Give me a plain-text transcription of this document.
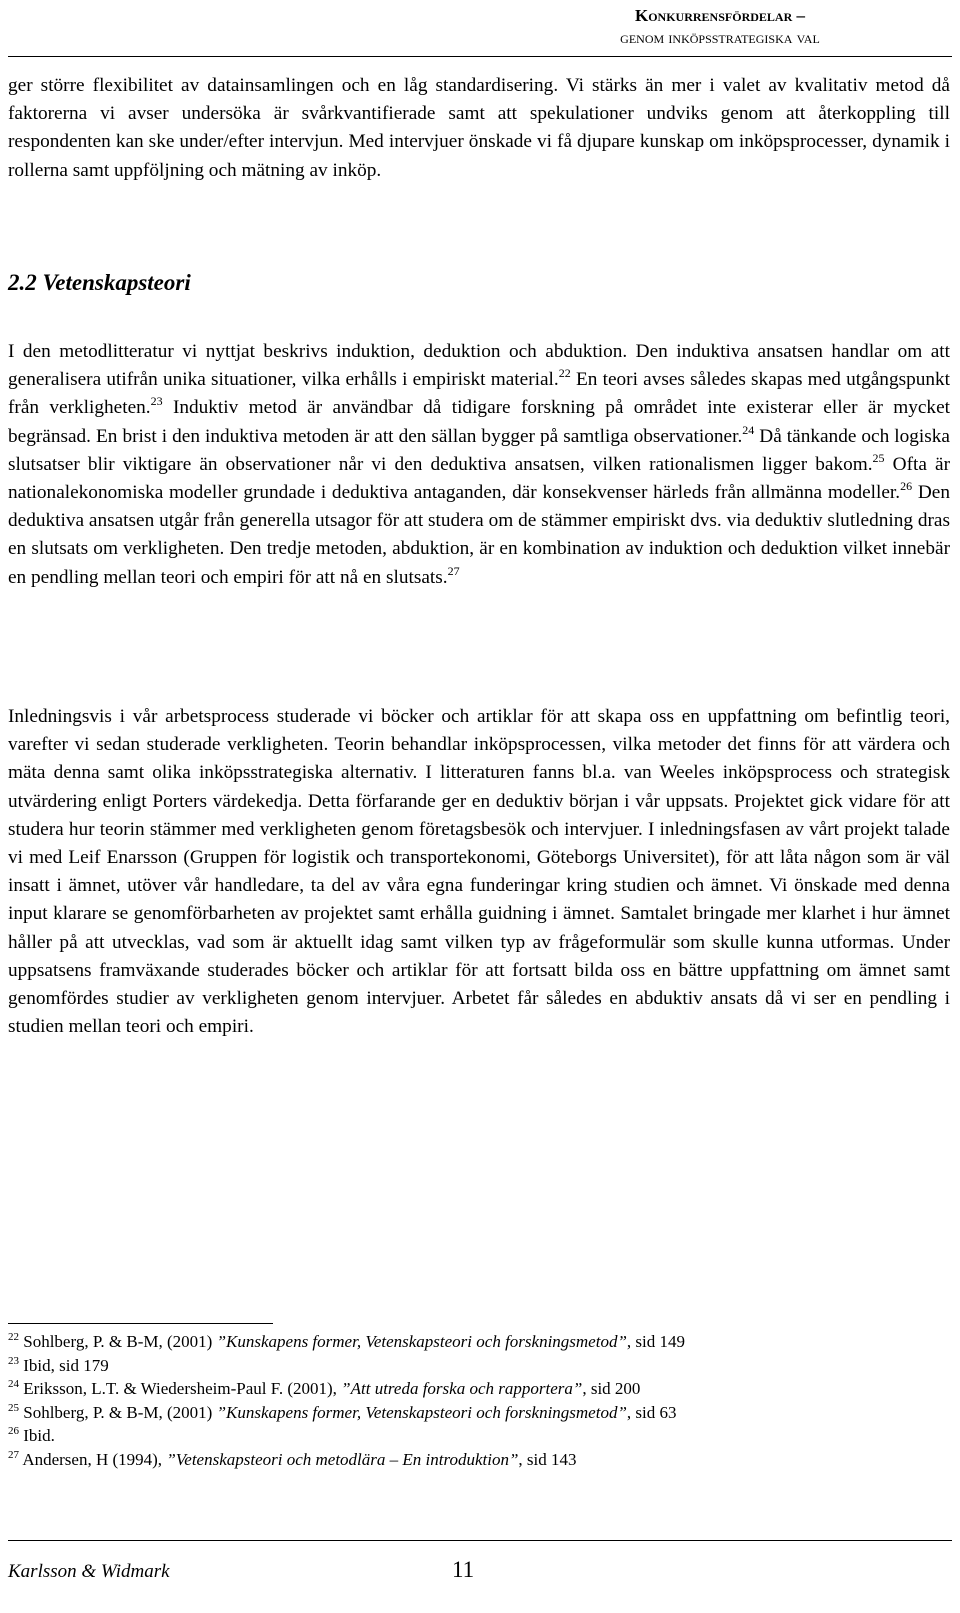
Konkurrensfördelar –
genom inköpsstrategiska val

ger större flexibilitet av datainsamlingen och en låg standardisering. Vi stärks än mer i valet av kvalitativ metod då faktorerna vi avser undersöka är svårkvantifierade samt att spekulationer undviks genom att återkoppling till respondenten kan ske under/efter intervjun. Med intervjuer önskade vi få djupare kunskap om inköpsprocesser, dynamik i rollerna samt uppföljning och mätning av inköp.

2.2 Vetenskapsteori

I den metodlitteratur vi nyttjat beskrivs induktion, deduktion och abduktion. Den induktiva ansatsen handlar om att generalisera utifrån unika situationer, vilka erhålls i empiriskt material.$^{22}$ En teori avses således skapas med utgångspunkt från verkligheten.$^{23}$ Induktiv metod är användbar då tidigare forskning på området inte existerar eller är mycket begränsad. En brist i den induktiva metoden är att den sällan bygger på samtliga observationer.$^{24}$ Då tänkande och logiska slutsatser blir viktigare än observationer når vi den deduktiva ansatsen, vilken rationalismen ligger bakom.$^{25}$ Ofta är nationalekonomiska modeller grundade i deduktiva antaganden, där konsekvenser härleds från allmänna modeller.$^{26}$ Den deduktiva ansatsen utgår från generella utsagor för att studera om de stämmer empiriskt dvs. via deduktiv slutledning dras en slutsats om verkligheten. Den tredje metoden, abduktion, är en kombination av induktion och deduktion vilket innebär en pendling mellan teori och empiri för att nå en slutsats.$^{27}$

Inledningsvis i vår arbetsprocess studerade vi böcker och artiklar för att skapa oss en uppfattning om befintlig teori, varefter vi sedan studerade verkligheten. Teorin behandlar inköpsprocessen, vilka metoder det finns för att värdera och mäta denna samt olika inköpsstrategiska alternativ. I litteraturen fanns bl.a. van Weeles inköpsprocess och strategisk utvärdering enligt Porters värdekedja. Detta förfarande ger en deduktiv början i vår uppsats. Projektet gick vidare för att studera hur teorin stämmer med verkligheten genom företagsbesök och intervjuer. I inledningsfasen av vårt projekt talade vi med Leif Enarsson (Gruppen för logistik och transportekonomi, Göteborgs Universitet), för att låta någon som är väl insatt i ämnet, utöver vår handledare, ta del av våra egna funderingar kring studien och ämnet. Vi önskade med denna input klarare se genomförbarheten av projektet samt erhålla guidning i ämnet. Samtalet bringade mer klarhet i hur ämnet håller på att utvecklas, vad som är aktuellt idag samt vilken typ av frågeformulär som skulle kunna utformas. Under uppsatsens framväxande studerades böcker och artiklar för att fortsatt bilda oss en bättre uppfattning om ämnet samt genomfördes studier av verkligheten genom intervjuer. Arbetet får således en abduktiv ansats då vi ser en pendling i studien mellan teori och empiri.

$^{22}$ Sohlberg, P. & B-M, (2001) ”Kunskapens former, Vetenskapsteori och forskningsmetod”, sid 149
$^{23}$ Ibid, sid 179
$^{24}$ Eriksson, L.T. & Wiedersheim-Paul F. (2001), ”Att utreda forska och rapportera”, sid 200
$^{25}$ Sohlberg, P. & B-M, (2001) ”Kunskapens former, Vetenskapsteori och forskningsmetod”, sid 63
$^{26}$ Ibid.
$^{27}$ Andersen, H (1994), ”Vetenskapsteori och metodlära – En introduktion”, sid 143
Karlsson & Widmark	11
